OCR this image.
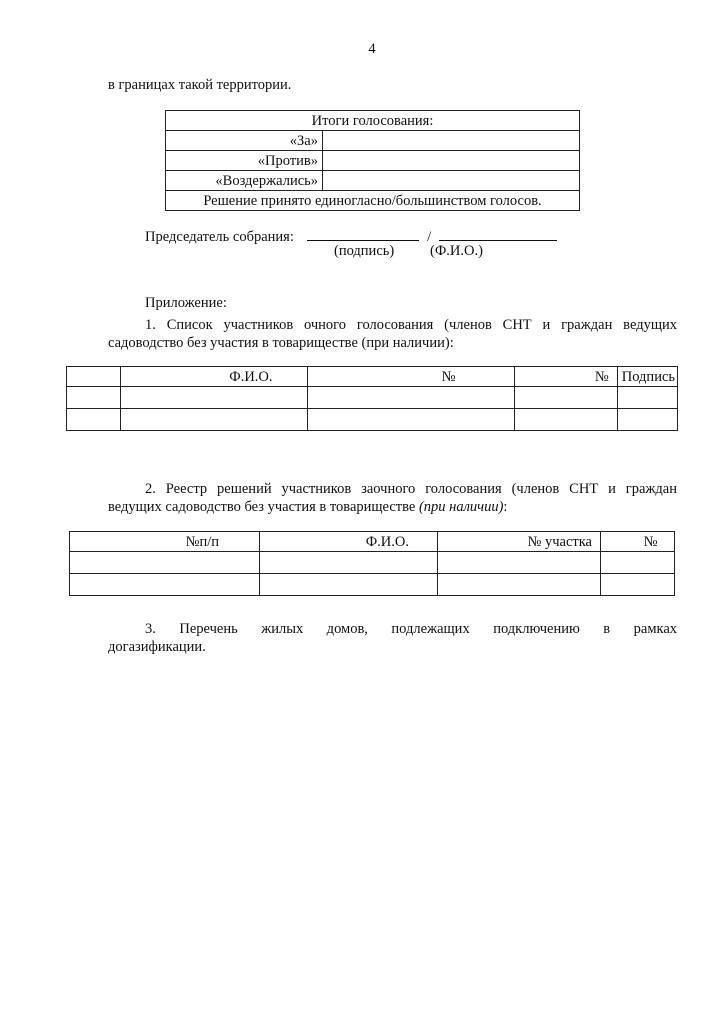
4
в границах такой территории.
Итоги голосования:	
«За»	
«Против»	
«Воздержались»	
Решение принято единогласно/большинством голосов.	
Председатель собрания:	/
(подпись) (Ф.И.О.)
Приложение:
1. Список участников очного голосования (членов СНТ и граждан ведущих
садоводство без участия в товариществе (при наличии):
	Ф.И.О.	№	№	Подпись

2. Реестр решений участников заочного голосования (членов СНТ и граждан
ведущих садоводство без участия в товариществе (при наличии):
№п/п	Ф.И.О.	№ участка	№

3. Перечень жилых домов, подлежащих подключению в рамках
догазификации.
